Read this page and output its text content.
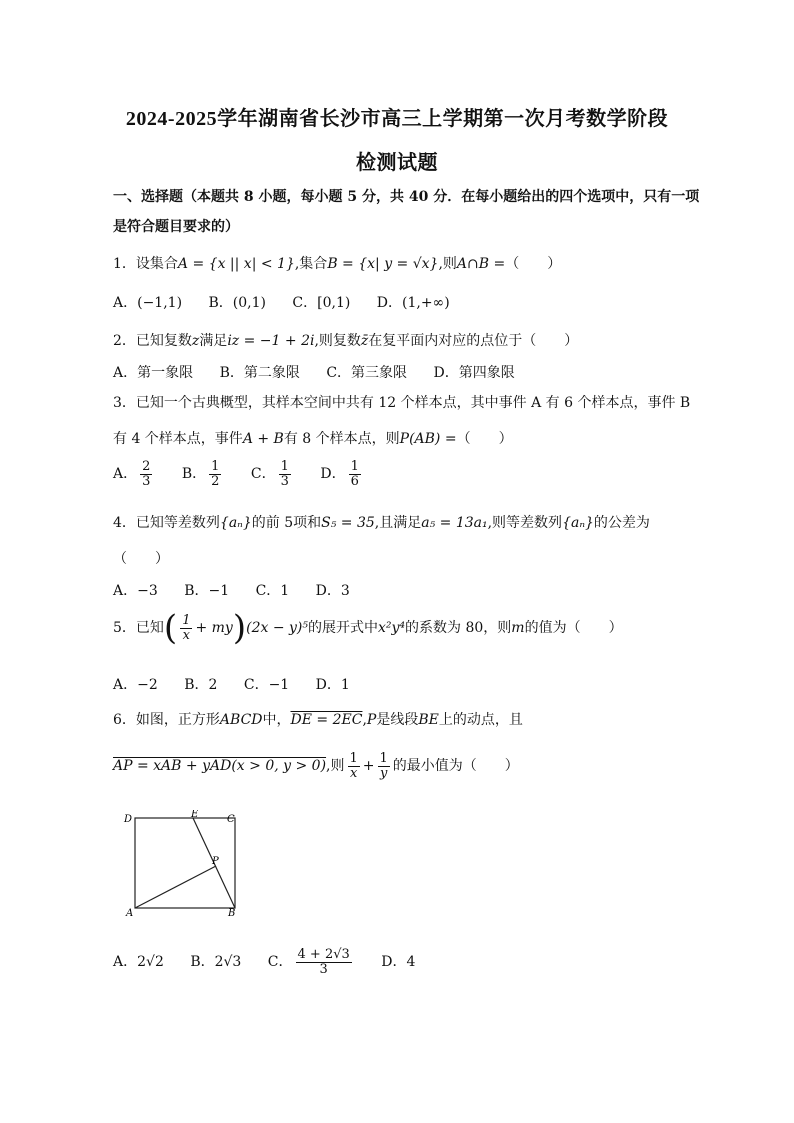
2024-2025学年湖南省长沙市高三上学期第一次月考数学阶段
检测试题
一、选择题（本题共 8 小题，每小题 5 分，共 40 分．在每小题给出的四个选项中，只有一项
是符合题目要求的）
1．设集合A = {x || x| < 1},集合B = {x| y = √x},则A∩B =（　　）
A．(−1,1) B．(0,1) C．[0,1) D．(1,+∞)
2．已知复数z满足iz = −1 + 2i,则复数z̄在复平面内对应的点位于（　　）
A．第一象限 B．第二象限 C．第三象限 D．第四象限
3．已知一个古典概型，其样本空间中共有 12 个样本点，其中事件 A 有 6 个样本点，事件 B
有 4 个样本点，事件A + B有 8 个样本点，则P(AB) =（　　）
A． $\frac{2}{3}$ B． $\frac{1}{2}$ C． $\frac{1}{3}$ D． $\frac{1}{6}$
4．已知等差数列{aₙ}的前 5项和S₅ = 35,且满足a₅ = 13a₁,则等差数列{aₙ}的公差为
（　　）
A．−3 B．−1 C．1 D．3
5．已知( $\frac{1}{x} + my)(2x - y)^5$的展开式中x²y⁴的系数为 80，则m的值为（　　）
A．−2 B．2 C．−1 D．1
6．如图，正方形ABCD中，DE = 2EC,P是线段BE上的动点，且
AP = xAB + yAD(x > 0, y > 0),则 $\frac{1}{x} + \frac{1}{y}$ 的最小值为（　　）
D	E	C
P
A	B
A．2√2 B．2√3 C． $\frac{4 + 2√3}{3}$ D．4
